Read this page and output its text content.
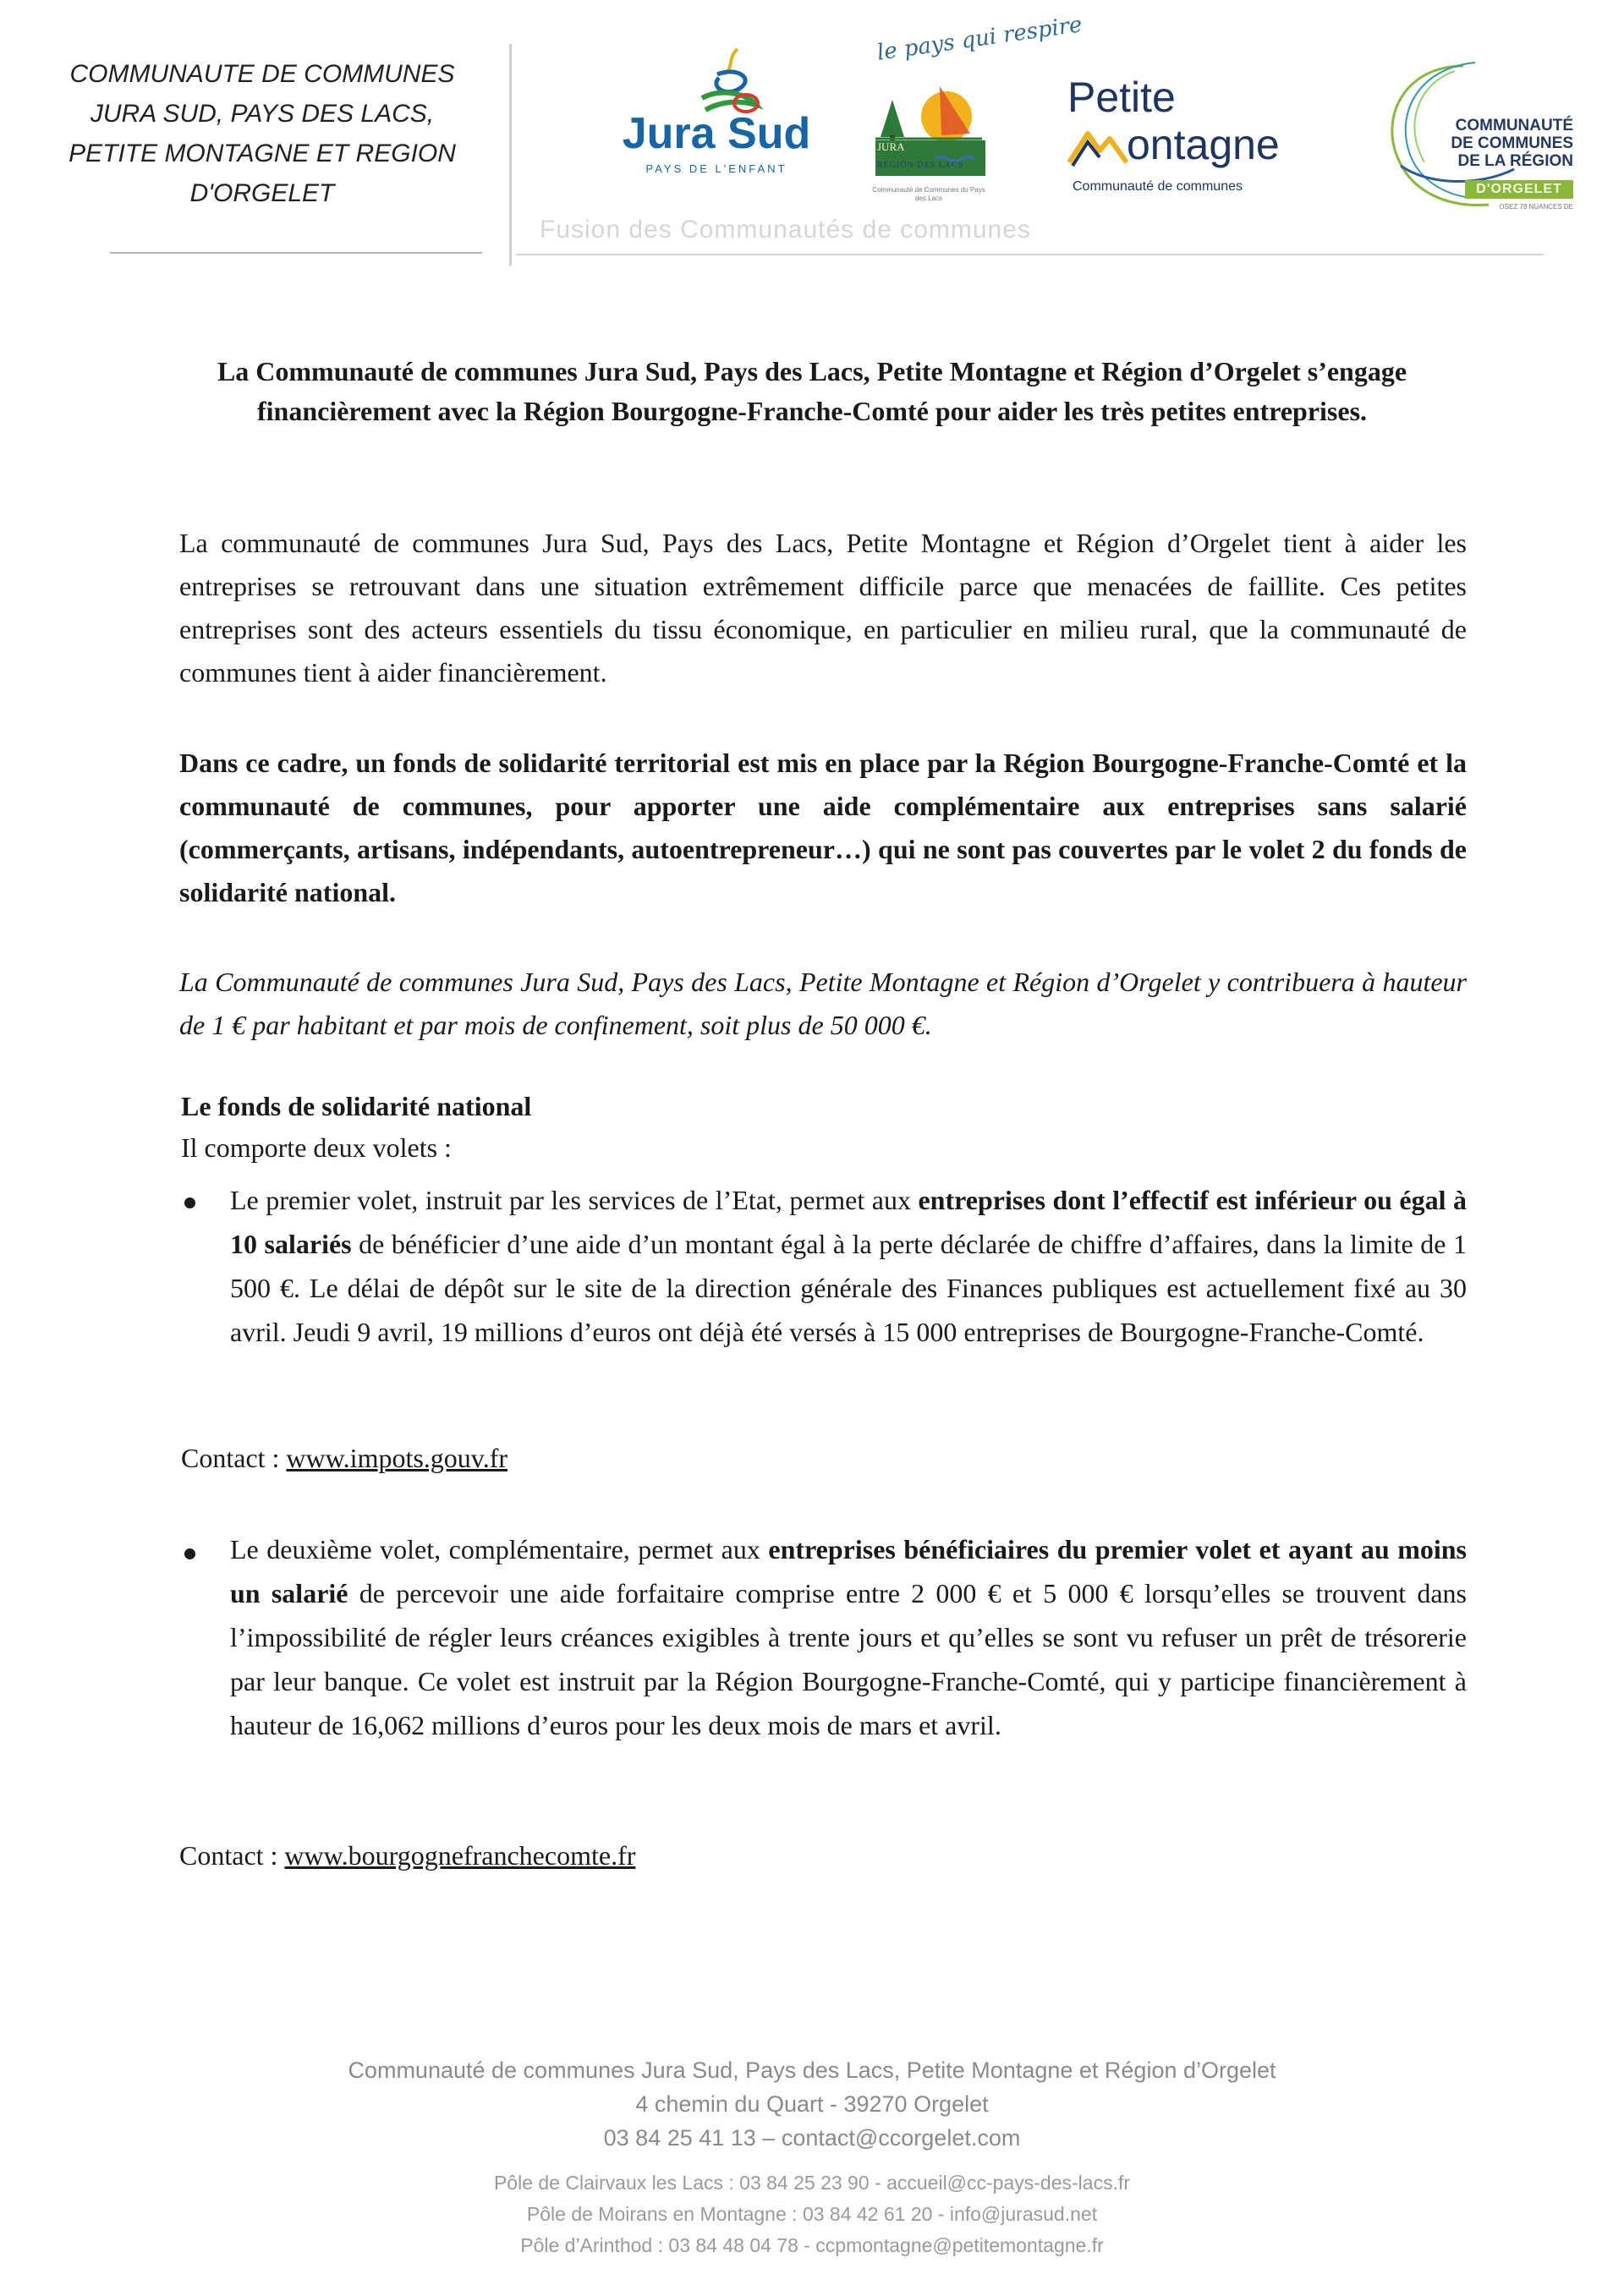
COMMUNAUTE DE COMMUNES
JURA SUD, PAYS DES LACS,
PETITE MONTAGNE ET REGION
D'ORGELET
Fusion des Communautés de communes
Jura Sud
PAYS DE L'ENFANT
le pays qui respire
JURA
RÉGION DES LACS
Communauté de Communes du Pays des Lacs
Petite
ontagne
Communauté de communes
COMMUNAUTÉ
DE COMMUNES
DE LA RÉGION
D'ORGELET
OSEZ 79 NUANCES DE
La Communauté de communes Jura Sud, Pays des Lacs, Petite Montagne et Région d’Orgelet s’engage financièrement avec la Région Bourgogne-Franche-Comté pour aider les très petites entreprises.
La communauté de communes Jura Sud, Pays des Lacs, Petite Montagne et Région d’Orgelet tient à aider les entreprises se retrouvant dans une situation extrêmement difficile parce que menacées de faillite. Ces petites entreprises sont des acteurs essentiels du tissu économique, en particulier en milieu rural, que la communauté de communes tient à aider financièrement.
Dans ce cadre, un fonds de solidarité territorial est mis en place par la Région Bourgogne-Franche-Comté et la communauté de communes, pour apporter une aide complémentaire aux entreprises sans salarié (commerçants, artisans, indépendants, autoentrepreneur…) qui ne sont pas couvertes par le volet 2 du fonds de solidarité national.
La Communauté de communes Jura Sud, Pays des Lacs, Petite Montagne et Région d’Orgelet y contribuera à hauteur de 1 € par habitant et par mois de confinement, soit plus de 50 000 €.
Le fonds de solidarité national
Il comporte deux volets :
Le premier volet, instruit par les services de l’Etat, permet aux entreprises dont l’effectif est inférieur ou égal à 10 salariés de bénéficier d’une aide d’un montant égal à la perte déclarée de chiffre d’affaires, dans la limite de 1 500 €. Le délai de dépôt sur le site de la direction générale des Finances publiques est actuellement fixé au 30 avril. Jeudi 9 avril, 19 millions d’euros ont déjà été versés à 15 000 entreprises de Bourgogne-Franche-Comté.
Contact : www.impots.gouv.fr
Le deuxième volet, complémentaire, permet aux entreprises bénéficiaires du premier volet et ayant au moins un salarié de percevoir une aide forfaitaire comprise entre 2 000 € et 5 000 € lorsqu’elles se trouvent dans l’impossibilité de régler leurs créances exigibles à trente jours et qu’elles se sont vu refuser un prêt de trésorerie par leur banque. Ce volet est instruit par la Région Bourgogne-Franche-Comté, qui y participe financièrement à hauteur de 16,062 millions d’euros pour les deux mois de mars et avril.
Contact : www.bourgognefranchecomte.fr
Communauté de communes Jura Sud, Pays des Lacs, Petite Montagne et Région d’Orgelet
4 chemin du Quart - 39270 Orgelet
03 84 25 41 13 – contact@ccorgelet.com
Pôle de Clairvaux les Lacs : 03 84 25 23 90 - accueil@cc-pays-des-lacs.fr
Pôle de Moirans en Montagne : 03 84 42 61 20 - info@jurasud.net
Pôle d’Arinthod : 03 84 48 04 78 - ccpmontagne@petitemontagne.fr
